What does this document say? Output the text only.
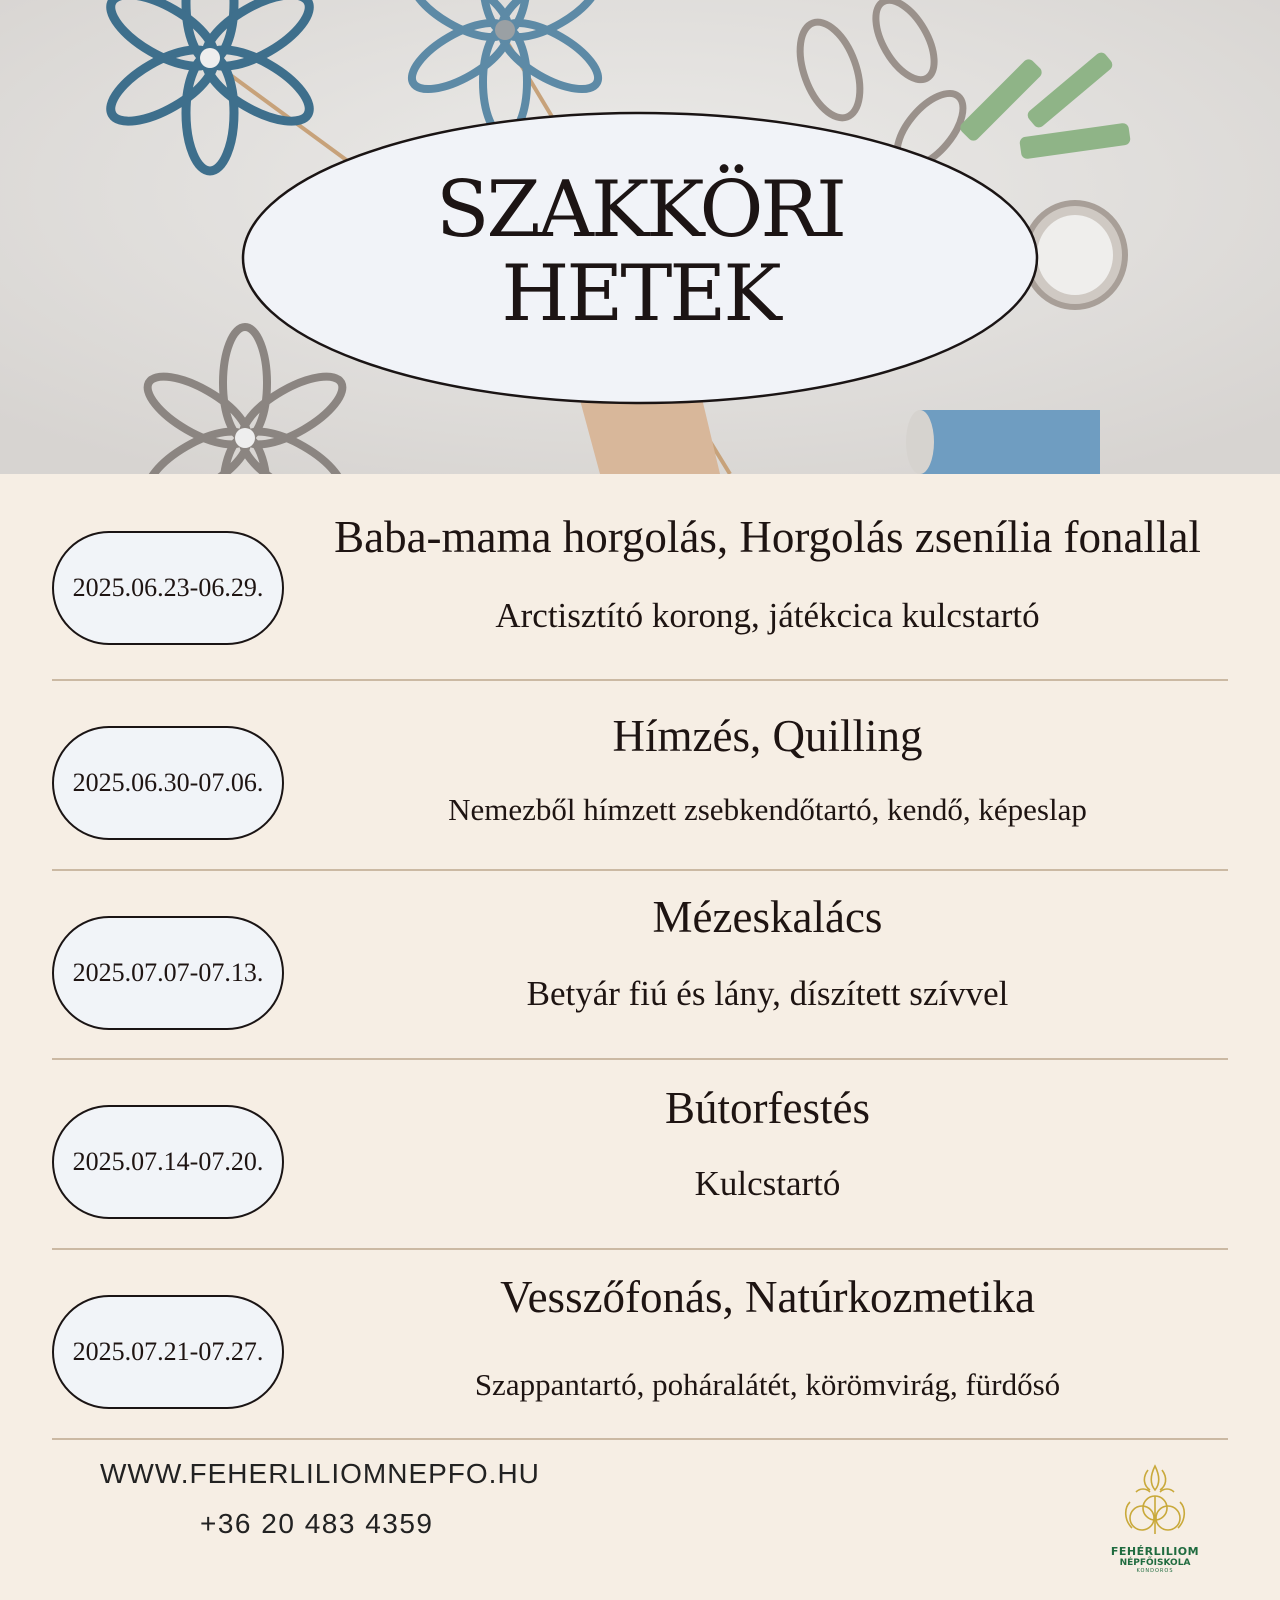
SZAKKÖRI
HETEK
2025.06.23-06.29.
Baba-mama horgolás, Horgolás zsenília fonallal
Arctisztító korong, játékcica kulcstartó
2025.06.30-07.06.
Hímzés, Quilling
Nemezből hímzett zsebkendőtartó, kendő, képeslap
2025.07.07-07.13.
Mézeskalács
Betyár fiú és lány, díszített szívvel
2025.07.14-07.20.
Bútorfestés
Kulcstartó
2025.07.21-07.27.
Vesszőfonás, Natúrkozmetika
Szappantartó, poháralátét, körömvirág, fürdősó
WWW.FEHERLILIOMNEPFO.HU
+36 20 483 4359
FEHÉRLILIOM
NÉPFŐISKOLA
KONDOROS
